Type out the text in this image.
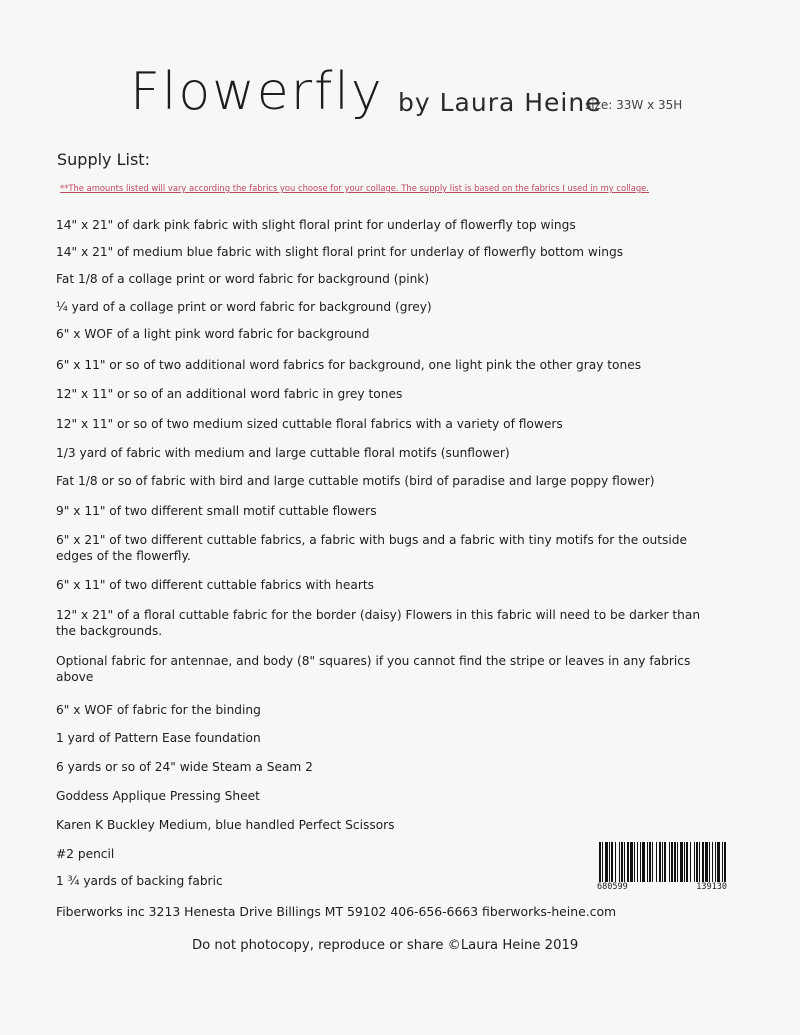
Flowerfly by Laura Heine
size: 33W x 35H
Supply List:
**The amounts listed will vary according the fabrics you choose for your collage. The supply list is based on the fabrics I used in my collage.
14" x 21" of dark pink fabric with slight floral print for underlay of flowerfly top wings
14" x 21" of medium blue fabric with slight floral print for underlay of flowerfly bottom wings
Fat 1/8 of a collage print or word fabric for background (pink)
¼ yard of a collage print or word fabric for background (grey)
6" x WOF of a light pink word fabric for background
6" x 11" or so of two additional word fabrics for background, one light pink the other gray tones
12" x 11" or so of an additional word fabric in grey tones
12" x 11" or so of two medium sized cuttable floral fabrics with a variety of flowers
1/3 yard of fabric with medium and large cuttable floral motifs (sunflower)
Fat 1/8 or so of fabric with bird and large cuttable motifs (bird of paradise and large poppy flower)
9" x 11" of two different small motif cuttable flowers
6" x 21" of two different cuttable fabrics, a fabric with bugs and a fabric with tiny motifs for the outside
edges of the flowerfly.
6" x 11" of two different cuttable fabrics with hearts
12" x 21" of a floral cuttable fabric for the border (daisy) Flowers in this fabric will need to be darker than
the backgrounds.
Optional fabric for antennae, and body (8" squares) if you cannot find the stripe or leaves in any fabrics
above
6" x WOF of fabric for the binding
1 yard of Pattern Ease foundation
6 yards or so of 24" wide Steam a Seam 2
Goddess Applique Pressing Sheet
Karen K Buckley Medium, blue handled Perfect Scissors
#2 pencil
1 ¾ yards of backing fabric	680599	139130
Fiberworks inc 3213 Henesta Drive Billings MT 59102 406-656-6663 fiberworks-heine.com
Do not photocopy, reproduce or share ©Laura Heine 2019
